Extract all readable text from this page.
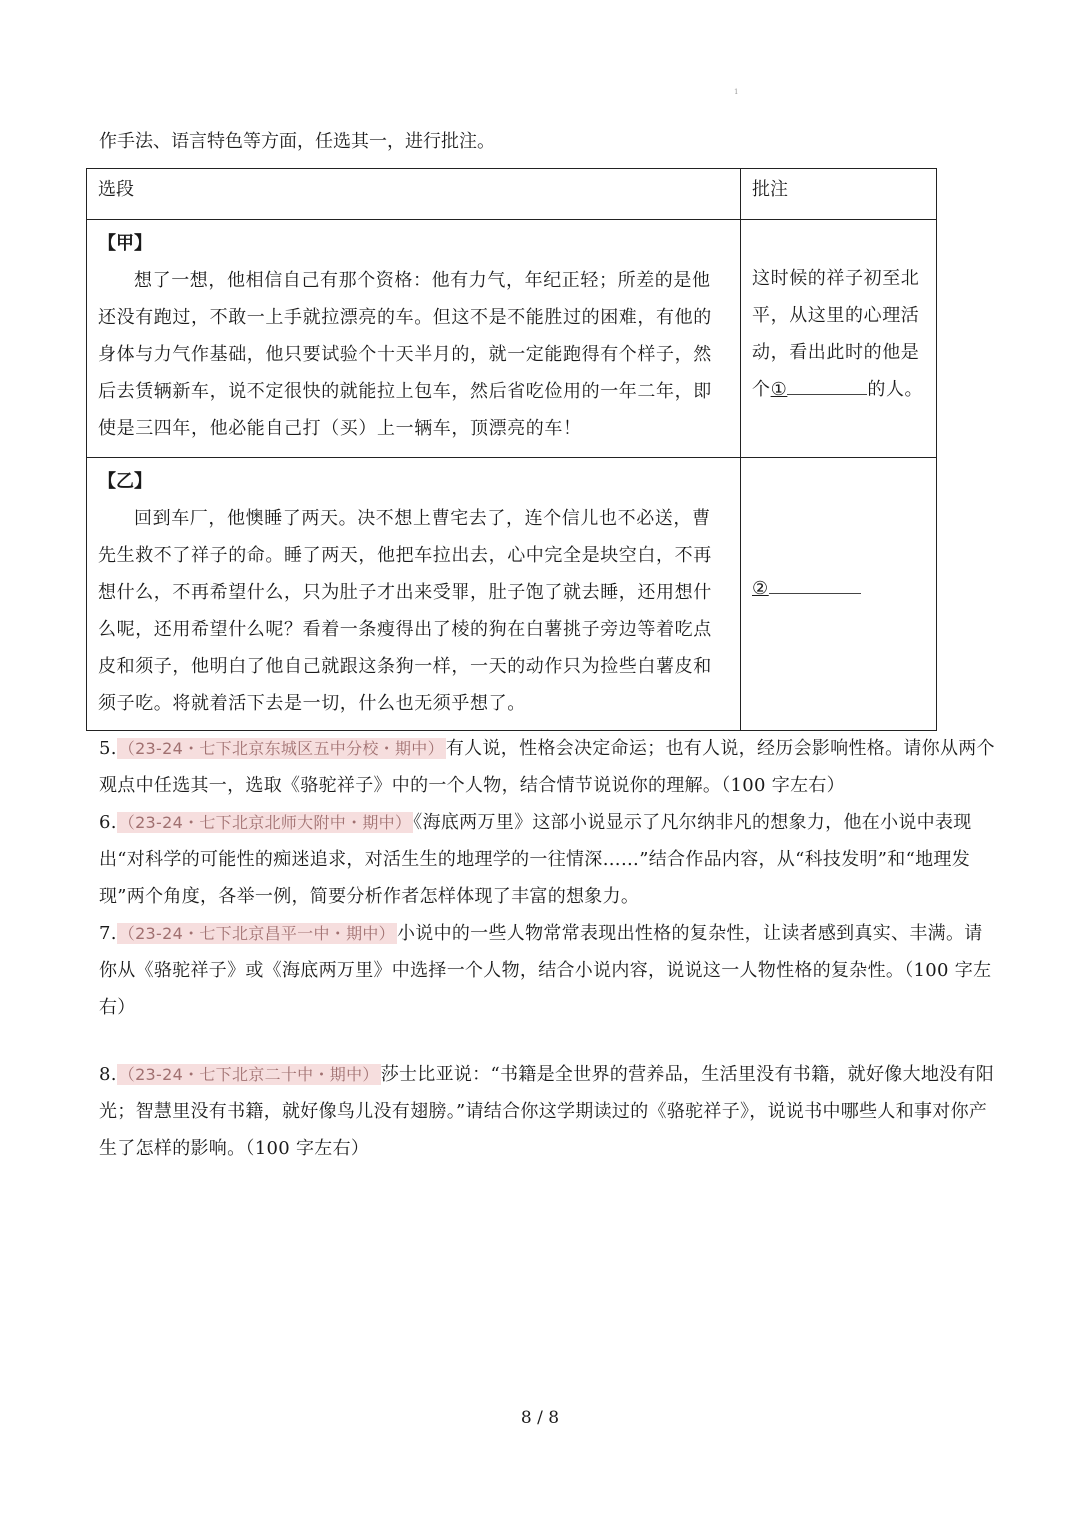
1
作手法、语言特色等方面，任选其一，进行批注。
选段	批注

【甲】
想了一想，他相信自己有那个资格：他有力气，年纪正轻；所差的是他还没有跑过，不敢一上手就拉漂亮的车。但这不是不能胜过的困难，有他的身体与力气作基础，他只要试验个十天半月的，就一定能跑得有个样子，然后去赁辆新车，说不定很快的就能拉上包车，然后省吃俭用的一年二年，即使是三四年，他必能自己打（买）上一辆车，顶漂亮的车！	这时候的祥子初至北平，从这里的心理活动，看出此时的他是个① 的人。

【乙】
回到车厂，他懊睡了两天。决不想上曹宅去了，连个信儿也不必送，曹先生救不了祥子的命。睡了两天，他把车拉出去，心中完全是块空白，不再想什么，不再希望什么，只为肚子才出来受罪，肚子饱了就去睡，还用想什么呢，还用希望什么呢？看着一条瘦得出了棱的狗在白薯挑子旁边等着吃点皮和须子，他明白了他自己就跟这条狗一样，一天的动作只为捡些白薯皮和须子吃。将就着活下去是一切，什么也无须乎想了。	②
5. （23-24・七下北京东城区五中分校・期中） 有人说，性格会决定命运；也有人说，经历会影响性格。请你从两个观点中任选其一，选取《骆驼祥子》中的一个人物，结合情节说说你的理解。（100 字左右）
6. （23-24・七下北京北师大附中・期中） 《海底两万里》这部小说显示了凡尔纳非凡的想象力，他在小说中表现出“对科学的可能性的痴迷追求，对活生生的地理学的一往情深……”结合作品内容，从“科技发明”和“地理发现”两个角度，各举一例，简要分析作者怎样体现了丰富的想象力。
7. （23-24・七下北京昌平一中・期中） 小说中的一些人物常常表现出性格的复杂性，让读者感到真实、丰满。请你从《骆驼祥子》或《海底两万里》中选择一个人物，结合小说内容，说说这一人物性格的复杂性。（100 字左右）
8. （23-24・七下北京二十中・期中） 莎士比亚说：“书籍是全世界的营养品，生活里没有书籍，就好像大地没有阳光；智慧里没有书籍，就好像鸟儿没有翅膀。”请结合你这学期读过的《骆驼祥子》，说说书中哪些人和事对你产生了怎样的影响。（100 字左右）
8 / 8
